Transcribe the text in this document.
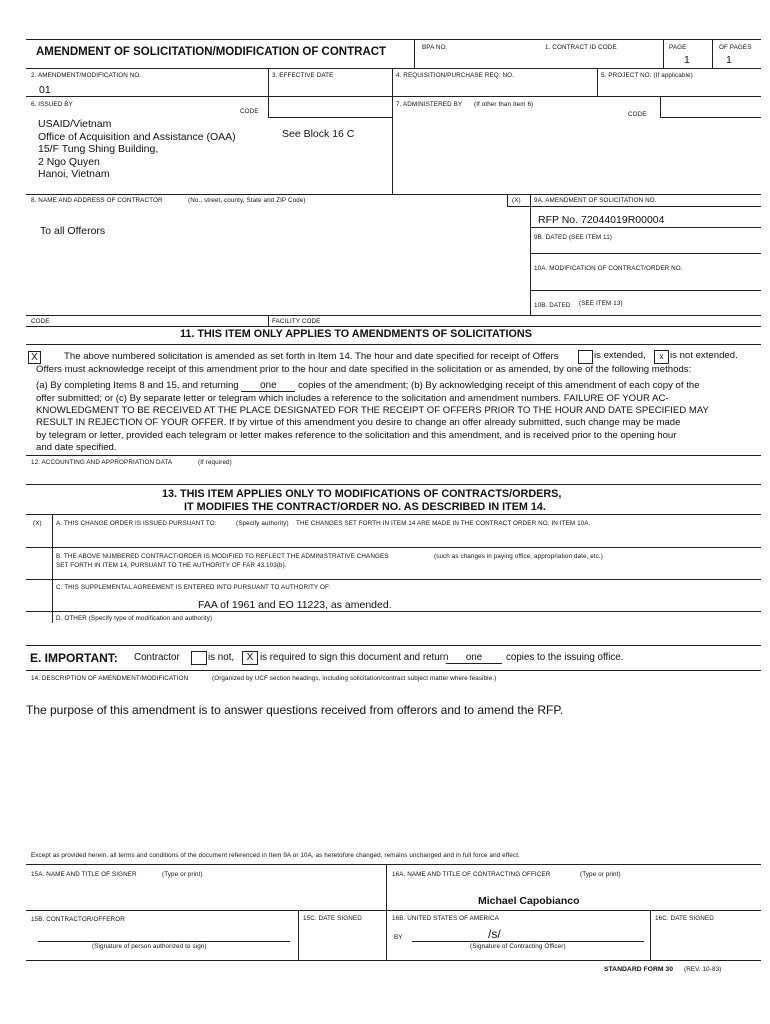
AMENDMENT OF SOLICITATION/MODIFICATION OF CONTRACT	BPA NO.	1. CONTRACT ID CODE	PAGE	OF PAGES
1	1
2. AMENDMENT/MODIFICATION NO.	3. EFFECTIVE DATE	4. REQUISITION/PURCHASE REQ. NO.	5. PROJECT NO. (If applicable)
01
6. ISSUED BY
CODE
7. ADMINISTERED BY (If other than Item 6)
CODE
USAID/Vietnam
Office of Acquisition and Assistance (OAA)
15/F Tung Shing Building,
2 Ngo Quyen
Hanoi, Vietnam
See Block 16 C
8. NAME AND ADDRESS OF CONTRACTOR	(No., street, county, State and ZIP Code)	(X) 9A. AMENDMENT OF SOLICITATION NO.
RFP No. 72044019R00004
9B. DATED (SEE ITEM 11)
10A. MODIFICATION OF CONTRACT/ORDER NO.
10B. DATED (SEE ITEM 13)
To all Offerors
CODE	FACILITY CODE
11. THIS ITEM ONLY APPLIES TO AMENDMENTS OF SOLICITATIONS
X	The above numbered solicitation is amended as set forth in Item 14. The hour and date specified for receipt of Offers	is extended,	x is not extended.
Offers must acknowledge receipt of this amendment prior to the hour and date specified in the solicitation or as amended, by one of the following methods:
(a) By completing Items 8 and 15, and returning one copies of the amendment; (b) By acknowledging receipt of this amendment of each copy of the
offer submitted; or (c) By separate letter or telegram which includes a reference to the solicitation and amendment numbers. FAILURE OF YOUR AC-
KNOWLEDGMENT TO BE RECEIVED AT THE PLACE DESIGNATED FOR THE RECEIPT OF OFFERS PRIOR TO THE HOUR AND DATE SPECIFIED MAY
RESULT IN REJECTION OF YOUR OFFER. If by virtue of this amendment you desire to change an offer already submitted, such change may be made
by telegram or letter, provided each telegram or letter makes reference to the solicitation and this amendment, and is received prior to the opening hour
and date specified.
12. ACCOUNTING AND APPROPRIATION DATA	(If required)
13. THIS ITEM APPLIES ONLY TO MODIFICATIONS OF CONTRACTS/ORDERS,
IT MODIFIES THE CONTRACT/ORDER NO. AS DESCRIBED IN ITEM 14.
(X) A. THIS CHANGE ORDER IS ISSUED PURSUANT TO:	(Specify authority) THE CHANGES SET FORTH IN ITEM 14 ARE MADE IN THE CONTRACT ORDER NO. IN ITEM 10A.
B. THE ABOVE NUMBERED CONTRACT/ORDER IS MODIFIED TO REFLECT THE ADMINISTRATIVE CHANGES	(such as changes in paying office, appropriation date, etc.)
SET FORTH IN ITEM 14, PURSUANT TO THE AUTHORITY OF FAR 43.103(b).
C. THIS SUPPLEMENTAL AGREEMENT IS ENTERED INTO PURSUANT TO AUTHORITY OF:
FAA of 1961 and EO 11223, as amended.
D. OTHER (Specify type of modification and authority)
E. IMPORTANT: Contractor	is not,	X is required to sign this document and return	one	copies to the issuing office.
14. DESCRIPTION OF AMENDMENT/MODIFICATION	(Organized by UCF section headings, including solicitation/contract subject matter where feasible.)
The purpose of this amendment is to answer questions received from offerors and to amend the RFP.
Except as provided herein, all terms and conditions of the document referenced in Item 9A or 10A, as heretofore changed, remains unchanged and in full force and effect.
15A. NAME AND TITLE OF SIGNER	(Type or print)	16A. NAME AND TITLE OF CONTRACTING OFFICER	(Type or print)
Michael Capobianco
15B. CONTRACTOR/OFFEROR	15C. DATE SIGNED	16B. UNITED STATES OF AMERICA	16C. DATE SIGNED
(Signature of person authorized to sign)
BY	/s/
(Signature of Contracting Officer)
STANDARD FORM 30 (REV. 10-83)
